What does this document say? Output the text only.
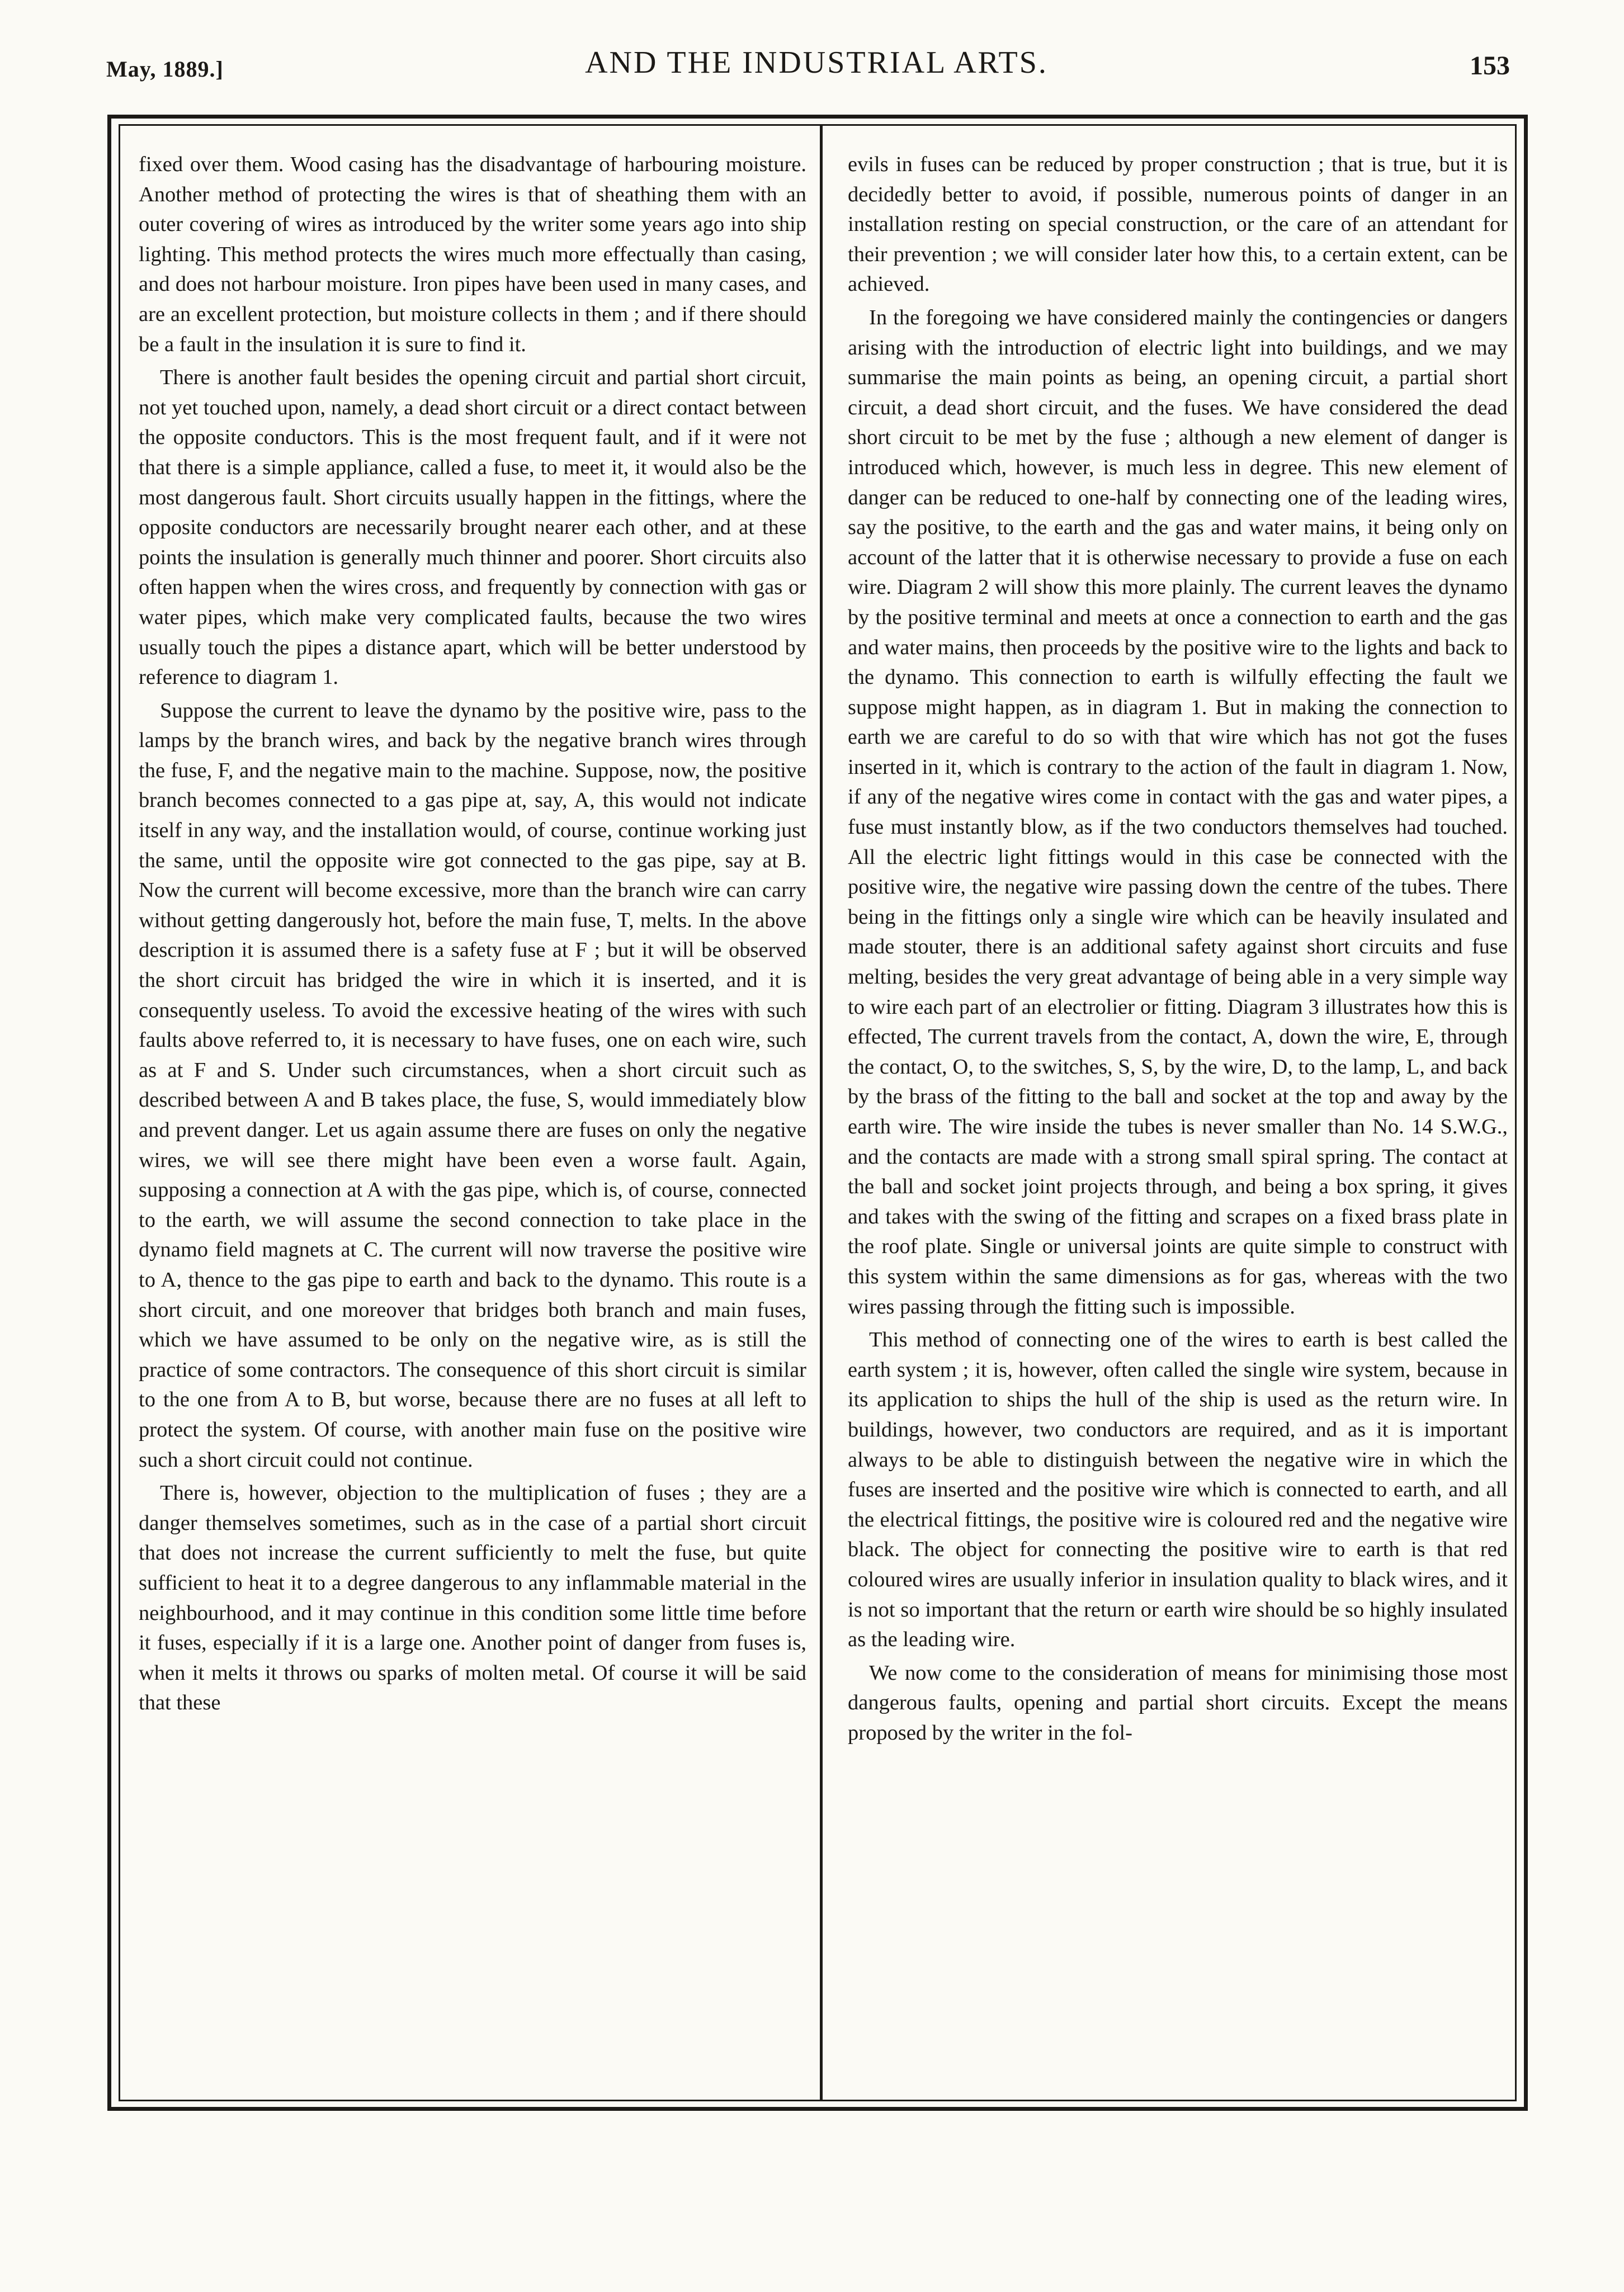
May, 1889.]	AND THE INDUSTRIAL ARTS.	153

fixed over them. Wood casing has the disadvantage of harbouring moisture. Another method of protecting the wires is that of sheathing them with an outer covering of wires as introduced by the writer some years ago into ship lighting. This method protects the wires much more effectually than casing, and does not harbour moisture. Iron pipes have been used in many cases, and are an excellent protection, but moisture collects in them ; and if there should be a fault in the insulation it is sure to find it.

There is another fault besides the opening circuit and partial short circuit, not yet touched upon, namely, a dead short circuit or a direct contact between the opposite conductors. This is the most frequent fault, and if it were not that there is a simple appliance, called a fuse, to meet it, it would also be the most dangerous fault. Short circuits usually happen in the fittings, where the opposite conductors are necessarily brought nearer each other, and at these points the insulation is generally much thinner and poorer. Short circuits also often happen when the wires cross, and frequently by connection with gas or water pipes, which make very complicated faults, because the two wires usually touch the pipes a distance apart, which will be better understood by reference to diagram 1.

Suppose the current to leave the dynamo by the positive wire, pass to the lamps by the branch wires, and back by the negative branch wires through the fuse, F, and the negative main to the machine. Suppose, now, the positive branch becomes connected to a gas pipe at, say, A, this would not indicate itself in any way, and the installation would, of course, continue working just the same, until the opposite wire got connected to the gas pipe, say at B. Now the current will become excessive, more than the branch wire can carry without getting dangerously hot, before the main fuse, T, melts. In the above description it is assumed there is a safety fuse at F ; but it will be observed the short circuit has bridged the wire in which it is inserted, and it is consequently useless. To avoid the excessive heating of the wires with such faults above referred to, it is necessary to have fuses, one on each wire, such as at F and S. Under such circumstances, when a short circuit such as described between A and B takes place, the fuse, S, would immediately blow and prevent danger. Let us again assume there are fuses on only the negative wires, we will see there might have been even a worse fault. Again, supposing a connection at A with the gas pipe, which is, of course, connected to the earth, we will assume the second connection to take place in the dynamo field magnets at C. The current will now traverse the positive wire to A, thence to the gas pipe to earth and back to the dynamo. This route is a short circuit, and one moreover that bridges both branch and main fuses, which we have assumed to be only on the negative wire, as is still the practice of some contractors. The consequence of this short circuit is similar to the one from A to B, but worse, because there are no fuses at all left to protect the system. Of course, with another main fuse on the positive wire such a short circuit could not continue.

There is, however, objection to the multiplication of fuses ; they are a danger themselves sometimes, such as in the case of a partial short circuit that does not increase the current sufficiently to melt the fuse, but quite sufficient to heat it to a degree dangerous to any inflammable material in the neighbourhood, and it may continue in this condition some little time before it fuses, especially if it is a large one. Another point of danger from fuses is, when it melts it throws ou sparks of molten metal. Of course it will be said that these

evils in fuses can be reduced by proper construction ; that is true, but it is decidedly better to avoid, if possible, numerous points of danger in an installation resting on special construction, or the care of an attendant for their prevention ; we will consider later how this, to a certain extent, can be achieved.

In the foregoing we have considered mainly the contingencies or dangers arising with the introduction of electric light into buildings, and we may summarise the main points as being, an opening circuit, a partial short circuit, a dead short circuit, and the fuses. We have considered the dead short circuit to be met by the fuse ; although a new element of danger is introduced which, however, is much less in degree. This new element of danger can be reduced to one-half by connecting one of the leading wires, say the positive, to the earth and the gas and water mains, it being only on account of the latter that it is otherwise necessary to provide a fuse on each wire. Diagram 2 will show this more plainly. The current leaves the dynamo by the positive terminal and meets at once a connection to earth and the gas and water mains, then proceeds by the positive wire to the lights and back to the dynamo. This connection to earth is wilfully effecting the fault we suppose might happen, as in diagram 1. But in making the connection to earth we are careful to do so with that wire which has not got the fuses inserted in it, which is contrary to the action of the fault in diagram 1. Now, if any of the negative wires come in contact with the gas and water pipes, a fuse must instantly blow, as if the two conductors themselves had touched. All the electric light fittings would in this case be connected with the positive wire, the negative wire passing down the centre of the tubes. There being in the fittings only a single wire which can be heavily insulated and made stouter, there is an additional safety against short circuits and fuse melting, besides the very great advantage of being able in a very simple way to wire each part of an electrolier or fitting. Diagram 3 illustrates how this is effected, The current travels from the contact, A, down the wire, E, through the contact, O, to the switches, S, S, by the wire, D, to the lamp, L, and back by the brass of the fitting to the ball and socket at the top and away by the earth wire. The wire inside the tubes is never smaller than No. 14 S.W.G., and the contacts are made with a strong small spiral spring. The contact at the ball and socket joint projects through, and being a box spring, it gives and takes with the swing of the fitting and scrapes on a fixed brass plate in the roof plate. Single or universal joints are quite simple to construct with this system within the same dimensions as for gas, whereas with the two wires passing through the fitting such is impossible.

This method of connecting one of the wires to earth is best called the earth system ; it is, however, often called the single wire system, because in its application to ships the hull of the ship is used as the return wire. In buildings, however, two conductors are required, and as it is important always to be able to distinguish between the negative wire in which the fuses are inserted and the positive wire which is connected to earth, and all the electrical fittings, the positive wire is coloured red and the negative wire black. The object for connecting the positive wire to earth is that red coloured wires are usually inferior in insulation quality to black wires, and it is not so important that the return or earth wire should be so highly insulated as the leading wire.

We now come to the consideration of means for minimising those most dangerous faults, opening and partial short circuits. Except the means proposed by the writer in the fol-
